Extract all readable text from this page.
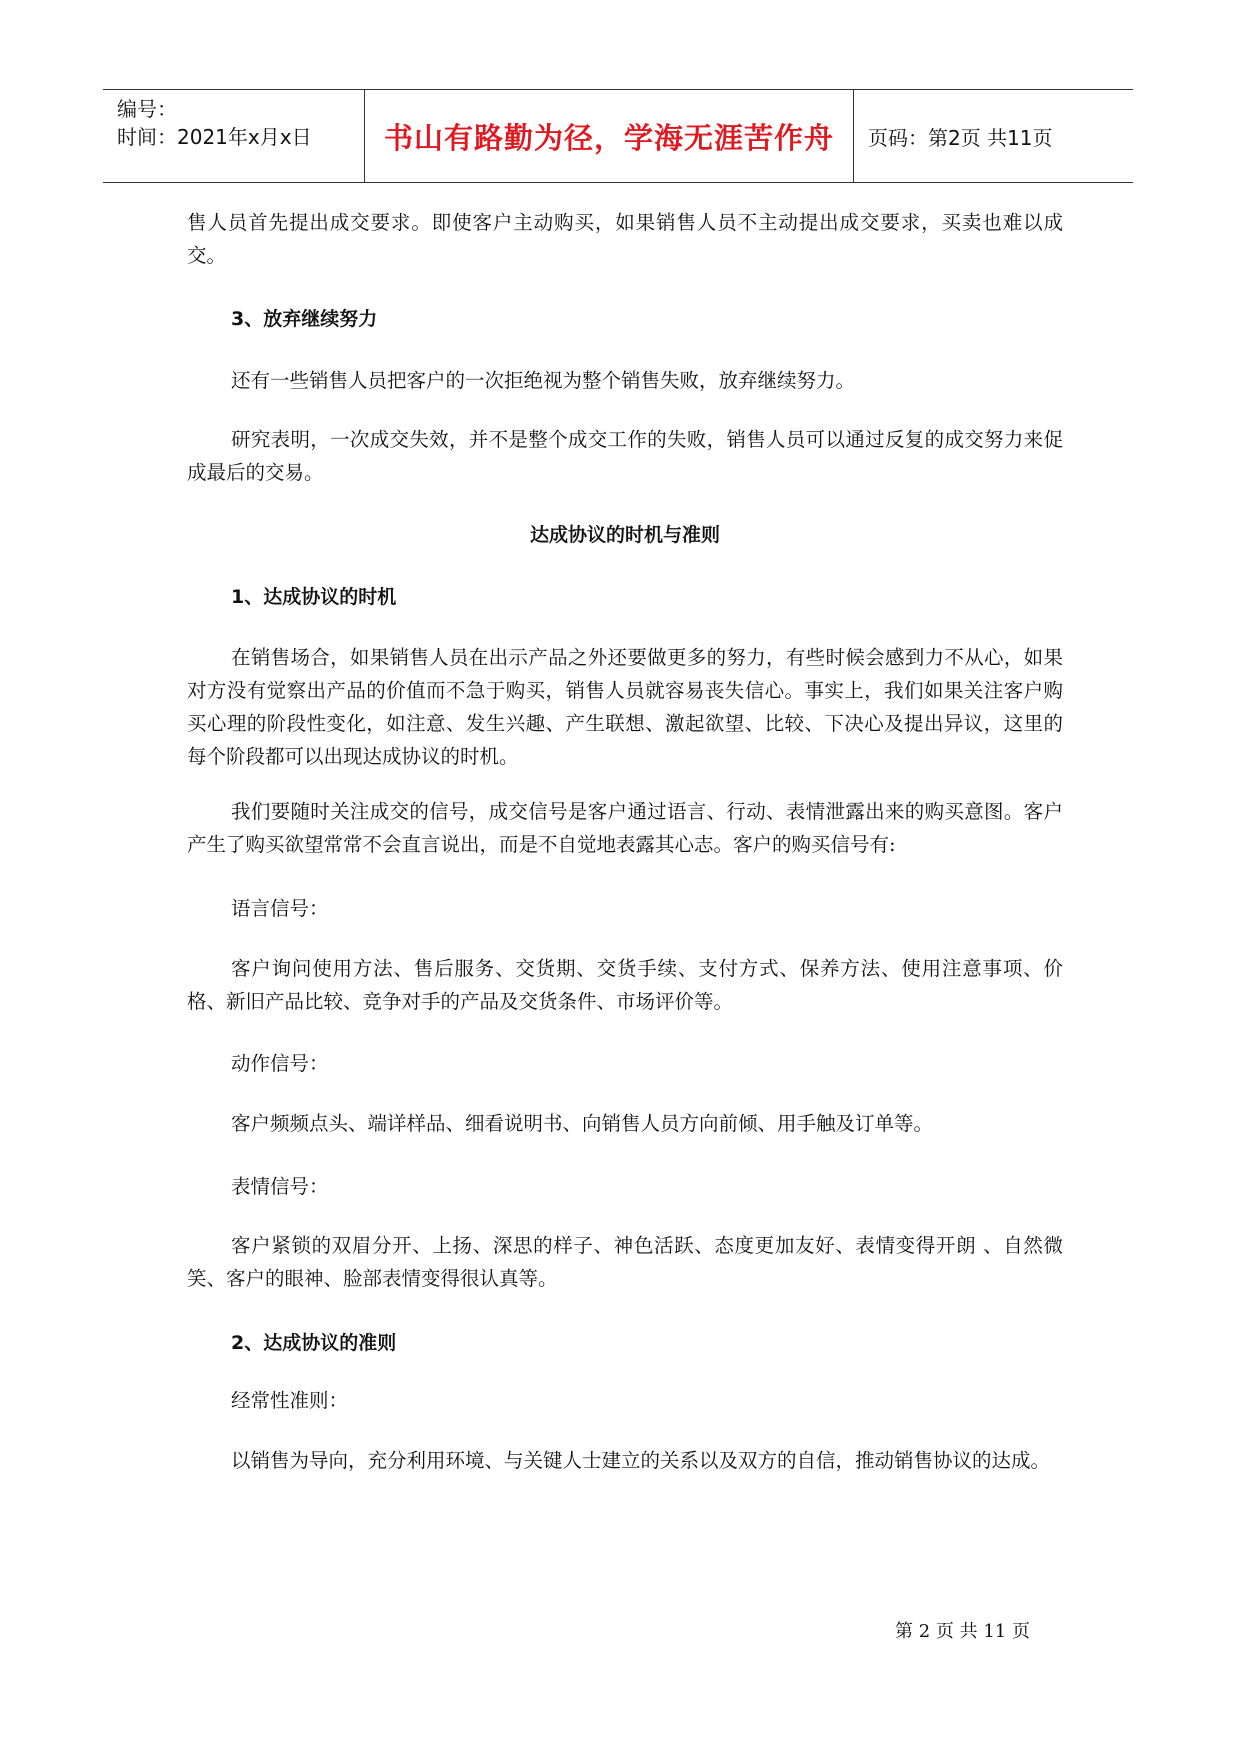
编号：
时间：2021年x月x日 书山有路勤为径，学海无涯苦作舟	页码：第2页 共11页
售人员首先提出成交要求。即使客户主动购买，如果销售人员不主动提出成交要求，买卖也难以成交。
3、放弃继续努力
还有一些销售人员把客户的一次拒绝视为整个销售失败，放弃继续努力。
研究表明，一次成交失效，并不是整个成交工作的失败，销售人员可以通过反复的成交努力来促成最后的交易。
达成协议的时机与准则
1、达成协议的时机
在销售场合，如果销售人员在出示产品之外还要做更多的努力，有些时候会感到力不从心，如果对方没有觉察出产品的价值而不急于购买，销售人员就容易丧失信心。事实上，我们如果关注客户购买心理的阶段性变化，如注意、发生兴趣、产生联想、激起欲望、比较、下决心及提出异议，这里的每个阶段都可以出现达成协议的时机。
我们要随时关注成交的信号，成交信号是客户通过语言、行动、表情泄露出来的购买意图。客户产生了购买欲望常常不会直言说出，而是不自觉地表露其心志。客户的购买信号有:
语言信号：
客户询问使用方法、售后服务、交货期、交货手续、支付方式、保养方法、使用注意事项、价格、新旧产品比较、竞争对手的产品及交货条件、市场评价等。
动作信号：
客户频频点头、端详样品、细看说明书、向销售人员方向前倾、用手触及订单等。
表情信号：
客户紧锁的双眉分开、上扬、深思的样子、神色活跃、态度更加友好、表情变得开朗 、自然微笑、客户的眼神、脸部表情变得很认真等。
2、达成协议的准则
经常性准则：
以销售为导向，充分利用环境、与关键人士建立的关系以及双方的自信，推动销售协议的达成。
第 2 页 共 11 页
